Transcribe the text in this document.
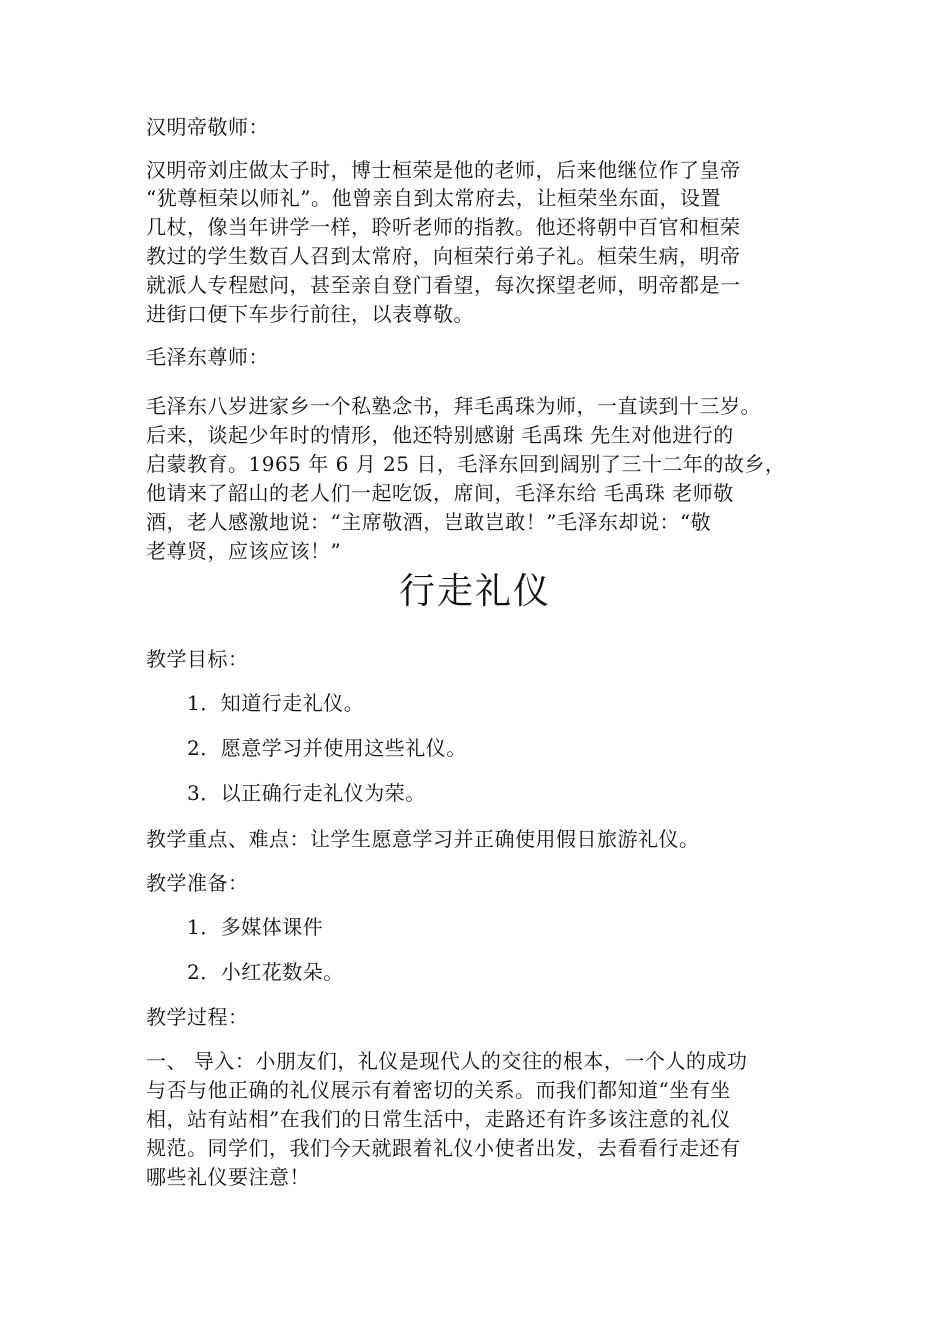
汉明帝敬师：
汉明帝刘庄做太子时，博士桓荣是他的老师，后来他继位作了皇帝
“犹尊桓荣以师礼”。他曾亲自到太常府去，让桓荣坐东面，设置
几杖，像当年讲学一样，聆听老师的指教。他还将朝中百官和桓荣
教过的学生数百人召到太常府，向桓荣行弟子礼。桓荣生病，明帝
就派人专程慰问，甚至亲自登门看望，每次探望老师，明帝都是一
进街口便下车步行前往，以表尊敬。
毛泽东尊师：
毛泽东八岁进家乡一个私塾念书，拜毛禹珠为师，一直读到十三岁。
后来，谈起少年时的情形，他还特别感谢 毛禹珠 先生对他进行的
启蒙教育。1965 年 6 月 25 日，毛泽东回到阔别了三十二年的故乡，
他请来了韶山的老人们一起吃饭，席间，毛泽东给 毛禹珠 老师敬
酒，老人感激地说：“主席敬酒，岂敢岂敢！”毛泽东却说：“敬
老尊贤，应该应该！”
行走礼仪
教学目标：
1．知道行走礼仪。
2．愿意学习并使用这些礼仪。
3．以正确行走礼仪为荣。
教学重点、难点：让学生愿意学习并正确使用假日旅游礼仪。
教学准备：
1．多媒体课件
2．小红花数朵。
教学过程：
一、 导入：小朋友们，礼仪是现代人的交往的根本，一个人的成功
与否与他正确的礼仪展示有着密切的关系。而我们都知道“坐有坐
相，站有站相”在我们的日常生活中，走路还有许多该注意的礼仪
规范。同学们，我们今天就跟着礼仪小使者出发，去看看行走还有
哪些礼仪要注意！
